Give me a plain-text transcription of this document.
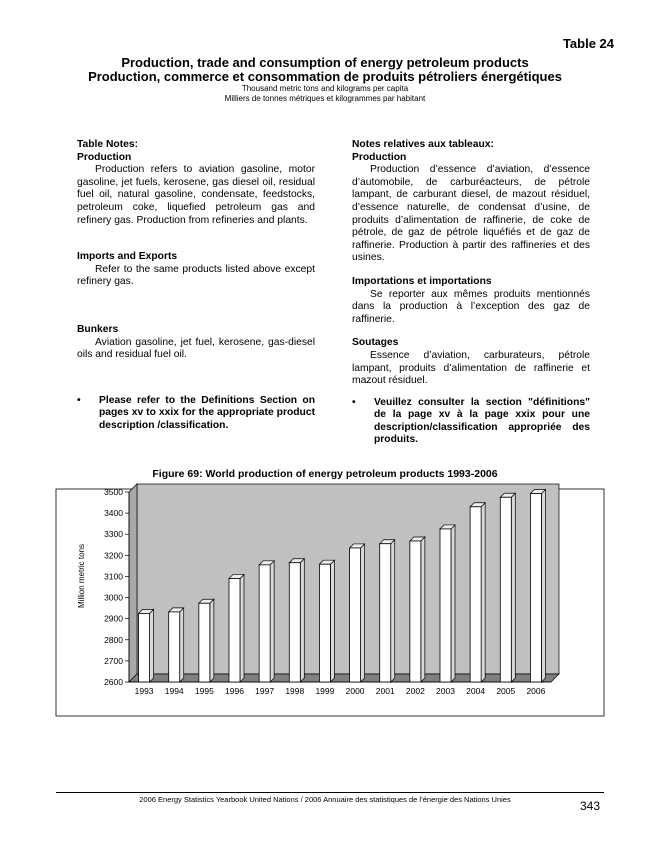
Table 24
Production, trade and consumption of energy petroleum products
Production, commerce et consommation de produits pétroliers énergétiques
Thousand metric tons and kilograms per capita
Milliers de tonnes métriques et kilogrammes par habitant
Table Notes:
Production

Production refers to aviation gasoline, motor gasoline, jet fuels, kerosene, gas diesel oil, residual fuel oil, natural gasoline, condensate, feedstocks, petroleum coke, liquefied petroleum gas and refinery gas. Production from refineries and plants.

Imports and Exports

Refer to the same products listed above except refinery gas.

Bunkers

Aviation gasoline, jet fuel, kerosene, gas-diesel oils and residual fuel oil.

• Please refer to the Definitions Section on pages xv to xxix for the appropriate product description /classification.
Notes relatives aux tableaux:
Production

Production d’essence d’aviation, d’essence d’automobile, de carburéacteurs, de pétrole lampant, de carburant diesel, de mazout résiduel, d’essence naturelle, de condensat d’usine, de produits d’alimentation de raffinerie, de coke de pétrole, de gaz de pétrole liquéfiés et de gaz de raffinerie. Production à partir des raffineries et des usines.

Importations et importations

Se reporter aux mêmes produits mentionnés dans la production à l’exception des gaz de raffinerie.

Soutages

Essence d’aviation, carburateurs, pétrole lampant, produits d’alimentation de raffinerie et mazout résiduel.

• Veuillez consulter la section "définitions" de la page xv à la page xxix pour une description/classification appropriée des produits.
Figure 69: World production of energy petroleum products 1993-2006
2600
2700
2800
2900
3000
3100
3200
3300
3400
3500
1993 1994 1995 1996 1997 1998 1999 2000 2001 2002 2003 2004 2005 2006
Million metric tons
2006 Energy Statistics Yearbook United Nations / 2006 Annuaire des statistiques de l’énergie des Nations Unies	343
